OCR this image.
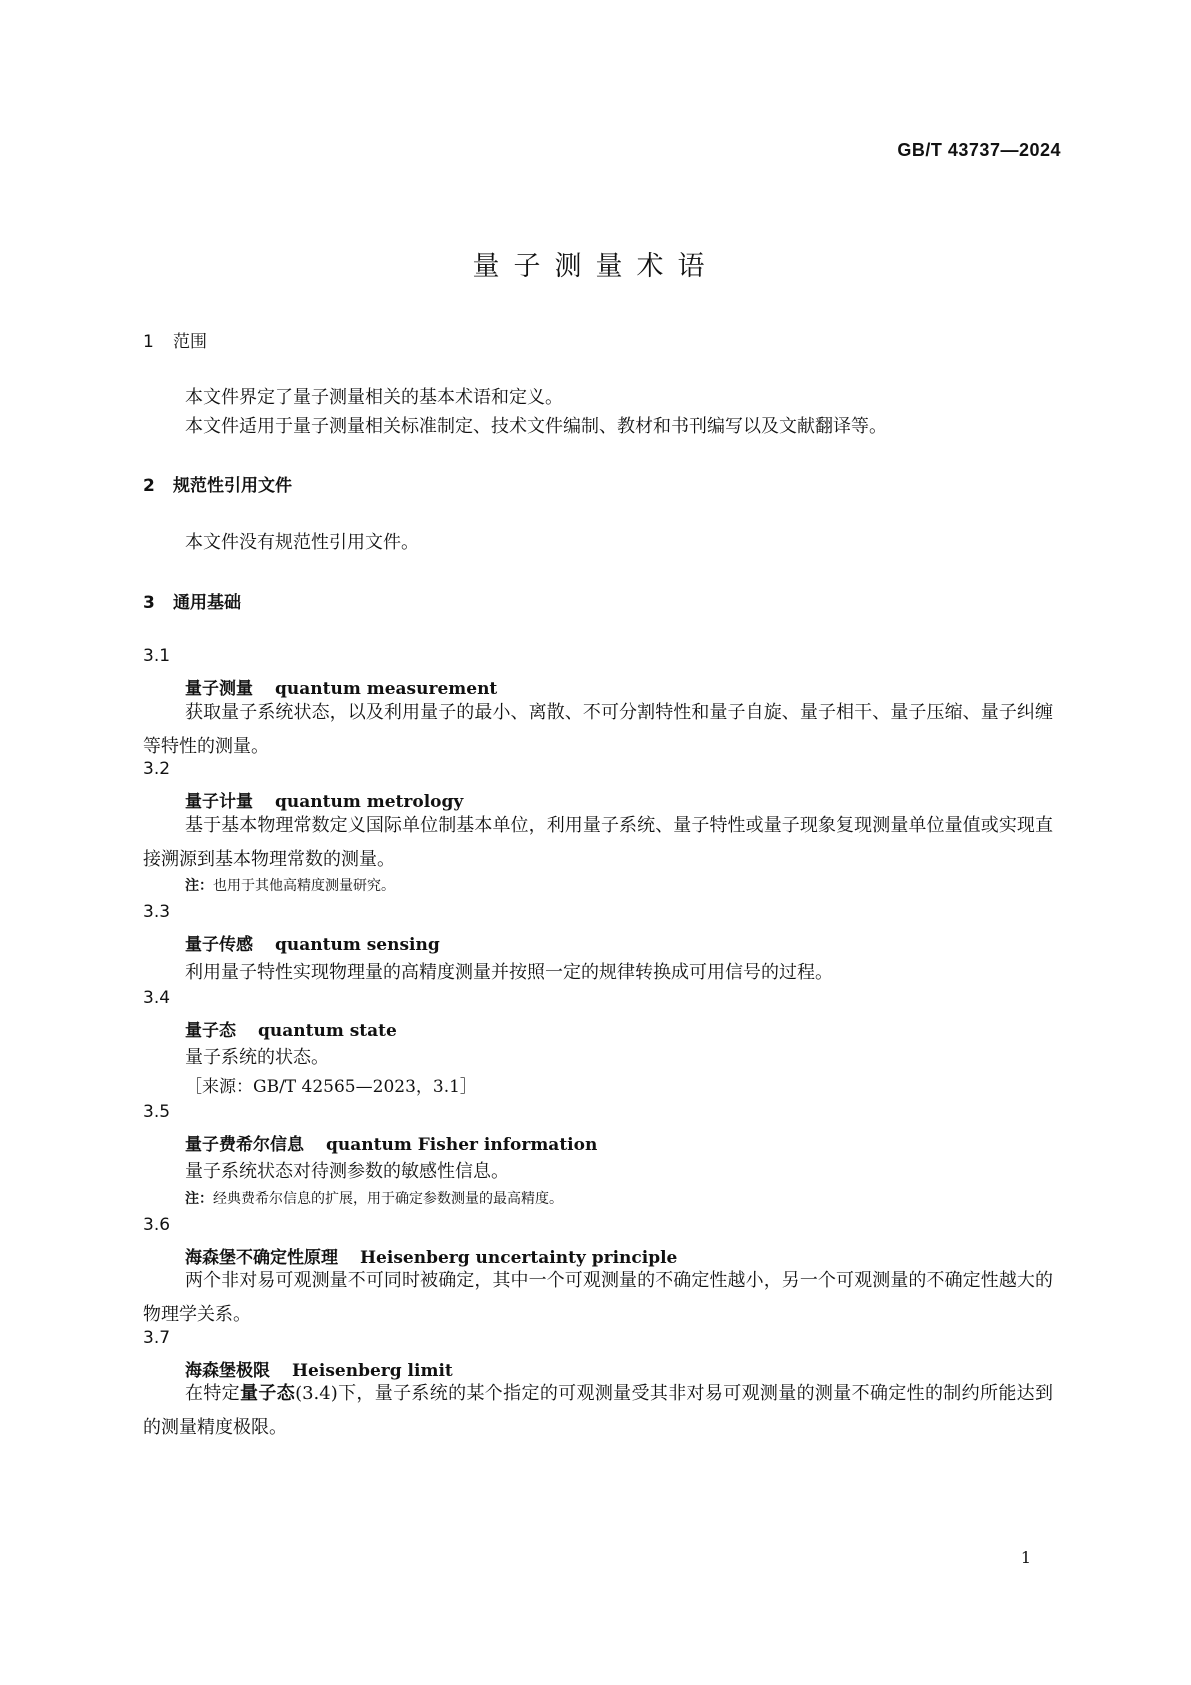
GB/T 43737—2024
量子测量术语
1 范围
本文件界定了量子测量相关的基本术语和定义。
本文件适用于量子测量相关标准制定、技术文件编制、教材和书刊编写以及文献翻译等。
2 规范性引用文件
本文件没有规范性引用文件。
3 通用基础
3.1
量子测量 quantum measurement
获取量子系统状态，以及利用量子的最小、离散、不可分割特性和量子自旋、量子相干、量子压缩、量子纠缠等特性的测量。
3.2
量子计量 quantum metrology
基于基本物理常数定义国际单位制基本单位，利用量子系统、量子特性或量子现象复现测量单位量值或实现直接溯源到基本物理常数的测量。
注：也用于其他高精度测量研究。
3.3
量子传感 quantum sensing
利用量子特性实现物理量的高精度测量并按照一定的规律转换成可用信号的过程。
3.4
量子态 quantum state
量子系统的状态。
［来源：GB/T 42565—2023，3.1］
3.5
量子费希尔信息 quantum Fisher information
量子系统状态对待测参数的敏感性信息。
注：经典费希尔信息的扩展，用于确定参数测量的最高精度。
3.6
海森堡不确定性原理 Heisenberg uncertainty principle
两个非对易可观测量不可同时被确定，其中一个可观测量的不确定性越小，另一个可观测量的不确定性越大的物理学关系。
3.7
海森堡极限 Heisenberg limit
在特定量子态(3.4)下，量子系统的某个指定的可观测量受其非对易可观测量的测量不确定性的制约所能达到的测量精度极限。
1
